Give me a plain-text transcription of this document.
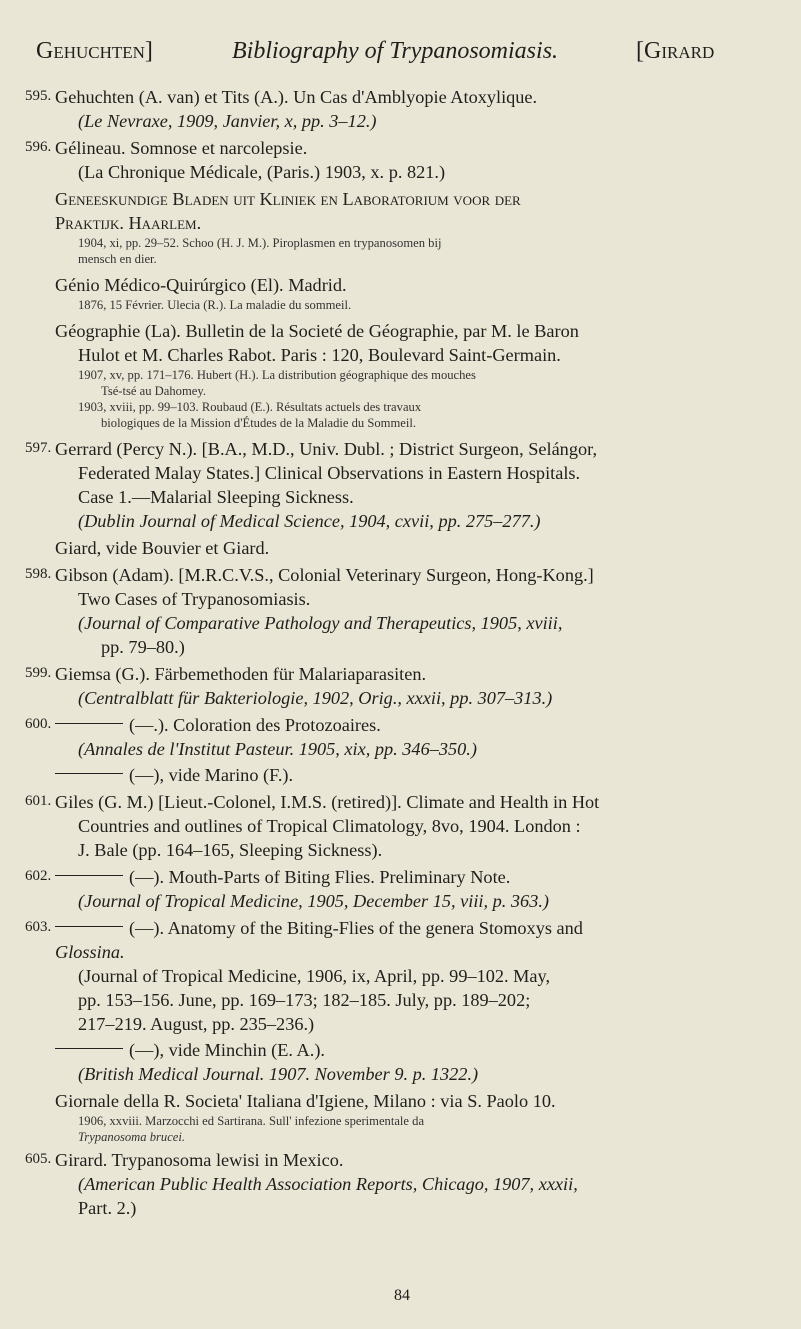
Gehuchten]	Bibliography of Trypanosomiasis.	[Girard
595. Gehuchten (A. van) et Tits (A.). Un Cas d'Amblyopie Atoxylique.
(Le Nevraxe, 1909, Janvier, x, pp. 3–12.)
596. Gélineau. Somnose et narcolepsie.
(La Chronique Médicale, (Paris.) 1903, x. p. 821.)
Geneeskundige Bladen uit Kliniek en Laboratorium voor der
Praktijk. Haarlem.
1904, xi, pp. 29–52. Schoo (H. J. M.). Piroplasmen en trypanosomen bij
mensch en dier.
Génio Médico-Quirúrgico (El). Madrid.
1876, 15 Février. Ulecia (R.). La maladie du sommeil.
Géographie (La). Bulletin de la Societé de Géographie, par M. le Baron
Hulot et M. Charles Rabot. Paris : 120, Boulevard Saint-Germain.
1907, xv, pp. 171–176. Hubert (H.). La distribution géographique des mouches
Tsé-tsé au Dahomey.
1903, xviii, pp. 99–103. Roubaud (E.). Résultats actuels des travaux
biologiques de la Mission d'Études de la Maladie du Sommeil.
597. Gerrard (Percy N.). [B.A., M.D., Univ. Dubl. ; District Surgeon, Selángor,
Federated Malay States.] Clinical Observations in Eastern Hospitals.
Case 1.—Malarial Sleeping Sickness.
(Dublin Journal of Medical Science, 1904, cxvii, pp. 275–277.)
Giard, vide Bouvier et Giard.
598. Gibson (Adam). [M.R.C.V.S., Colonial Veterinary Surgeon, Hong-Kong.]
Two Cases of Trypanosomiasis.
(Journal of Comparative Pathology and Therapeutics, 1905, xviii,
pp. 79–80.)
599. Giemsa (G.). Färbemethoden für Malariaparasiten.
(Centralblatt für Bakteriologie, 1902, Orig., xxxii, pp. 307–313.)
600.	(—.). Coloration des Protozoaires.
(Annales de l'Institut Pasteur. 1905, xix, pp. 346–350.)
(—), vide Marino (F.).
601. Giles (G. M.) [Lieut.-Colonel, I.M.S. (retired)]. Climate and Health in Hot
Countries and outlines of Tropical Climatology, 8vo, 1904. London :
J. Bale (pp. 164–165, Sleeping Sickness).
602.	(—). Mouth-Parts of Biting Flies. Preliminary Note.
(Journal of Tropical Medicine, 1905, December 15, viii, p. 363.)
603.	(—). Anatomy of the Biting-Flies of the genera Stomoxys and
Glossina.
(Journal of Tropical Medicine, 1906, ix, April, pp. 99–102. May,
pp. 153–156. June, pp. 169–173; 182–185. July, pp. 189–202;
217–219. August, pp. 235–236.)
(—), vide Minchin (E. A.).
(British Medical Journal. 1907. November 9. p. 1322.)
Giornale della R. Societa' Italiana d'Igiene, Milano : via S. Paolo 10.
1906, xxviii. Marzocchi ed Sartirana. Sull' infezione sperimentale da
Trypanosoma brucei.
605. Girard. Trypanosoma lewisi in Mexico.
(American Public Health Association Reports, Chicago, 1907, xxxii,
Part. 2.)
84
